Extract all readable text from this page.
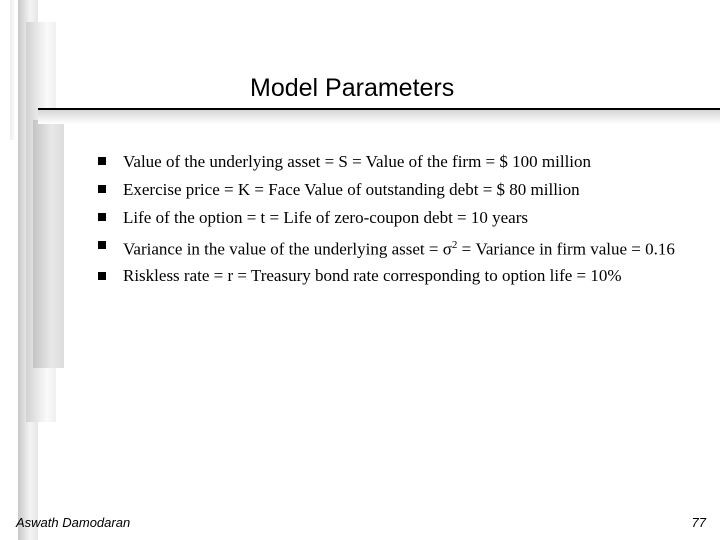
Model Parameters
Value of the underlying asset = S = Value of the firm = $ 100 million
Exercise price = K = Face Value of outstanding debt = $ 80 million
Life of the option = t = Life of zero-coupon debt = 10 years
Variance in the value of the underlying asset = $\sigma^2$ = Variance in firm value = 0.16
Riskless rate = r = Treasury bond rate corresponding to option life = 10%
Aswath Damodaran	77
